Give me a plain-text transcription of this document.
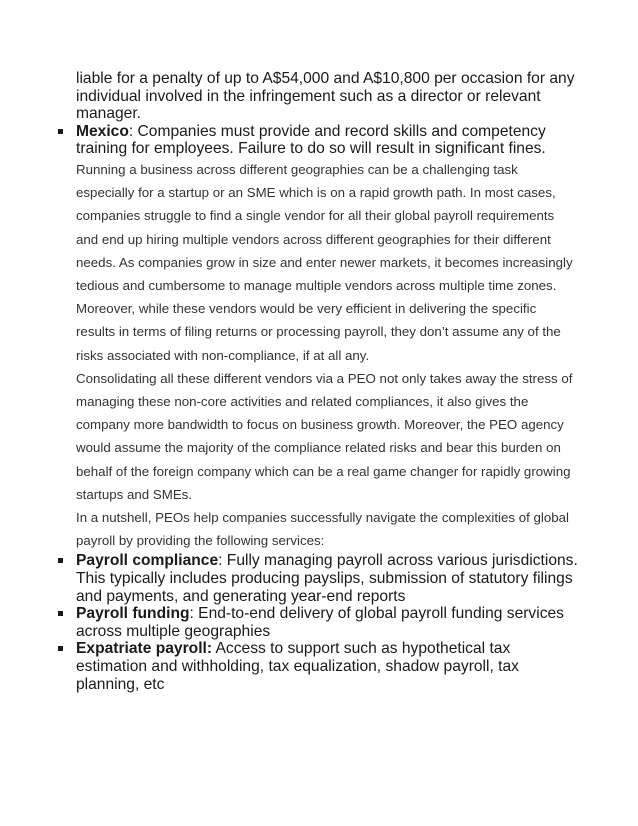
liable for a penalty of up to A$54,000 and A$10,800 per occasion for any individual involved in the infringement such as a director or relevant manager.

Mexico: Companies must provide and record skills and competency training for employees. Failure to do so will result in significant fines.

Running a business across different geographies can be a challenging task especially for a startup or an SME which is on a rapid growth path. In most cases, companies struggle to find a single vendor for all their global payroll requirements and end up hiring multiple vendors across different geographies for their different needs. As companies grow in size and enter newer markets, it becomes increasingly tedious and cumbersome to manage multiple vendors across multiple time zones. Moreover, while these vendors would be very efficient in delivering the specific results in terms of filing returns or processing payroll, they don’t assume any of the risks associated with non-compliance, if at all any.

Consolidating all these different vendors via a PEO not only takes away the stress of managing these non-core activities and related compliances, it also gives the company more bandwidth to focus on business growth. Moreover, the PEO agency would assume the majority of the compliance related risks and bear this burden on behalf of the foreign company which can be a real game changer for rapidly growing startups and SMEs.

In a nutshell, PEOs help companies successfully navigate the complexities of global payroll by providing the following services:

Payroll compliance: Fully managing payroll across various jurisdictions. This typically includes producing payslips, submission of statutory filings and payments, and generating year-end reports
Payroll funding: End-to-end delivery of global payroll funding services across multiple geographies
Expatriate payroll: Access to support such as hypothetical tax estimation and withholding, tax equalization, shadow payroll, tax planning, etc
